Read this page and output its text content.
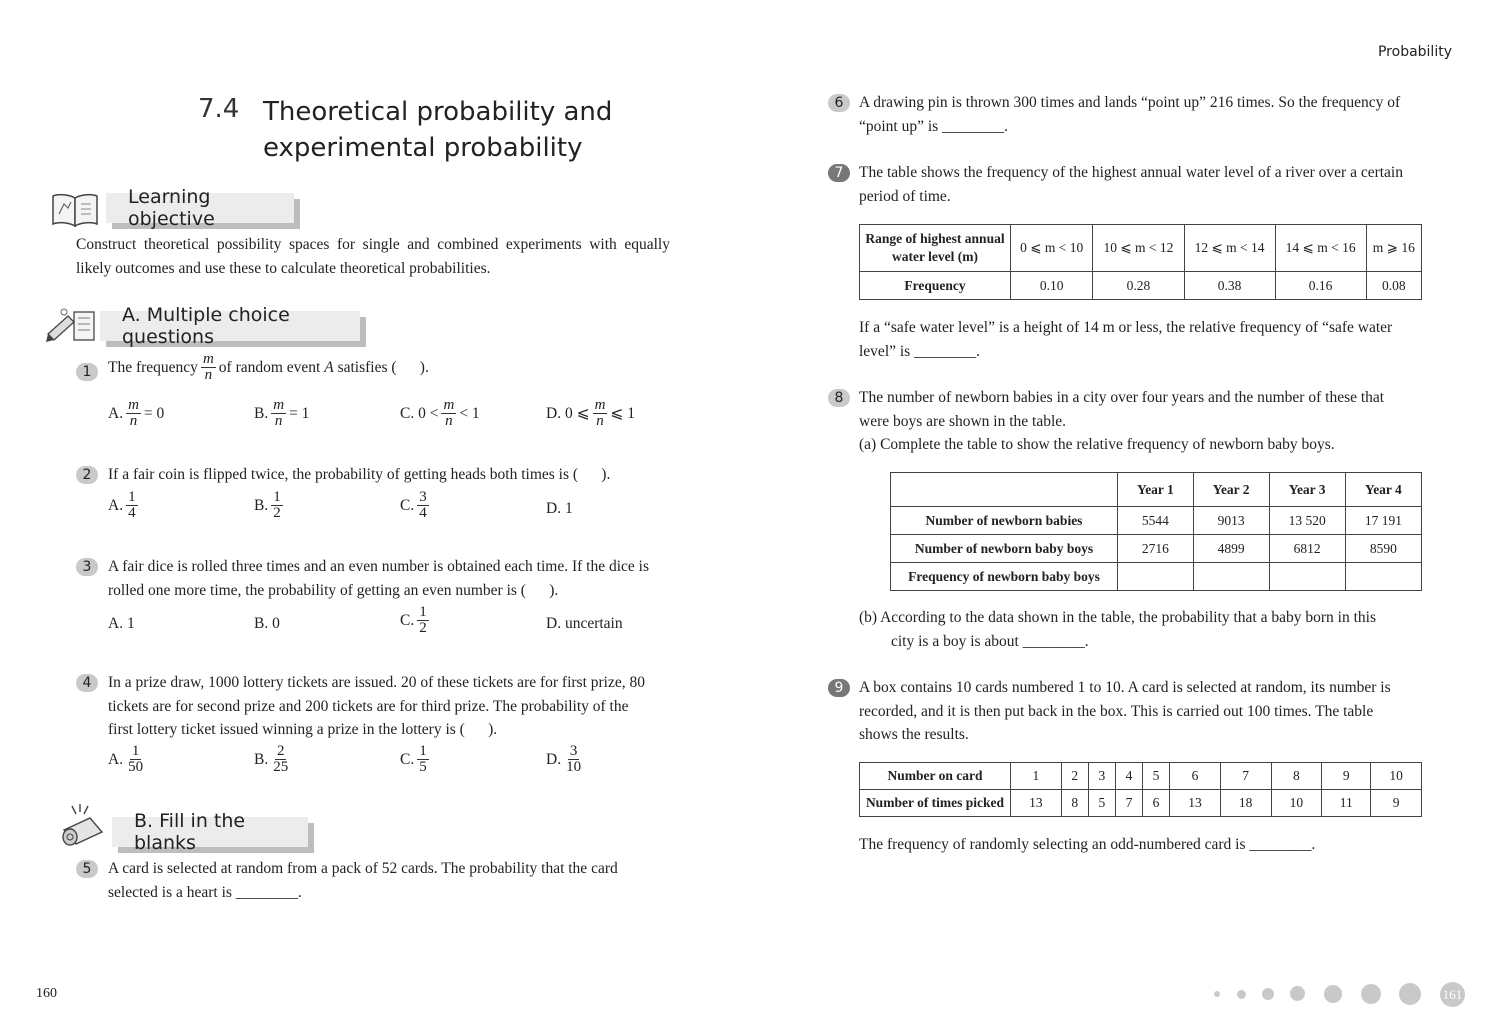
Probability
7.4 Theoretical probability and
experimental probability
Learning objective
Construct theoretical possibility spaces for single and combined experiments with equally likely outcomes and use these to calculate theoretical probabilities.
A. Multiple choice questions
1	The frequency $\frac{m}{n}$ of random event
A
satisfies (      ).
A. $\frac{m}{n} = 0$	B. $\frac{m}{n} = 1$	C.
$0 < \frac{m}{n} < 1$	D.
0 ⩽ $\frac{m}{n}$ ⩽ 1
2	If a fair coin is flipped twice, the probability of getting heads both times is (      ).
A. $\frac{1}{4}$	B. $\frac{1}{2}$	C. $\frac{3}{4}$	D.
1
3	A fair dice is rolled three times and an even number is obtained each time. If the dice is
rolled one more time, the probability of getting an even number is (      ).
A.
1	B.
0	C. $\frac{1}{2}$	D.
uncertain
4	In a prize draw, 1000 lottery tickets are issued. 20 of these tickets are for first prize, 80
tickets are for second prize and 200 tickets are for third prize. The probability of the
first lottery ticket issued winning a prize in the lottery is (      ).
A. $\frac{1}{50}$	B. $\frac{2}{25}$	C. $\frac{1}{5}$	D. $\frac{3}{10}$
B. Fill in the blanks
5	A card is selected at random from a pack of 52 cards. The probability that the card
selected is a heart is ________.
160
6	A drawing pin is thrown 300 times and lands “point up” 216 times. So the frequency of
“point up” is ________.
7	The table shows the frequency of the highest annual water level of a river over a certain
period of time.
Range of highest annual
water level (m)	0 ⩽ m < 10	10 ⩽ m < 12	12 ⩽ m < 14	14 ⩽ m < 16	m ⩾ 16
Frequency	0.10	0.28	0.38	0.16	0.08
If a “safe water level” is a height of 14 m or less, the relative frequency of “safe water
level” is ________.
8	The number of newborn babies in a city over four years and the number of these that
were boys are shown in the table.
(a) Complete the table to show the relative frequency of newborn baby boys.
	Year 1	Year 2	Year 3	Year 4
Number of newborn babies	5544	9013	13 520	17 191
Number of newborn baby boys	2716	4899	6812	8590
Frequency of newborn baby boys				
(b) According to the data shown in the table, the probability that a baby born in this
city is a boy is about ________.
9	A box contains 10 cards numbered 1 to 10. A card is selected at random, its number is
recorded, and it is then put back in the box. This is carried out 100 times. The table
shows the results.
Number on card	1	2	3	4	5	6	7	8	9	10
Number of times picked	13	8	5	7	6	13	18	10	11	9
The frequency of randomly selecting an odd-numbered card is ________.
161
